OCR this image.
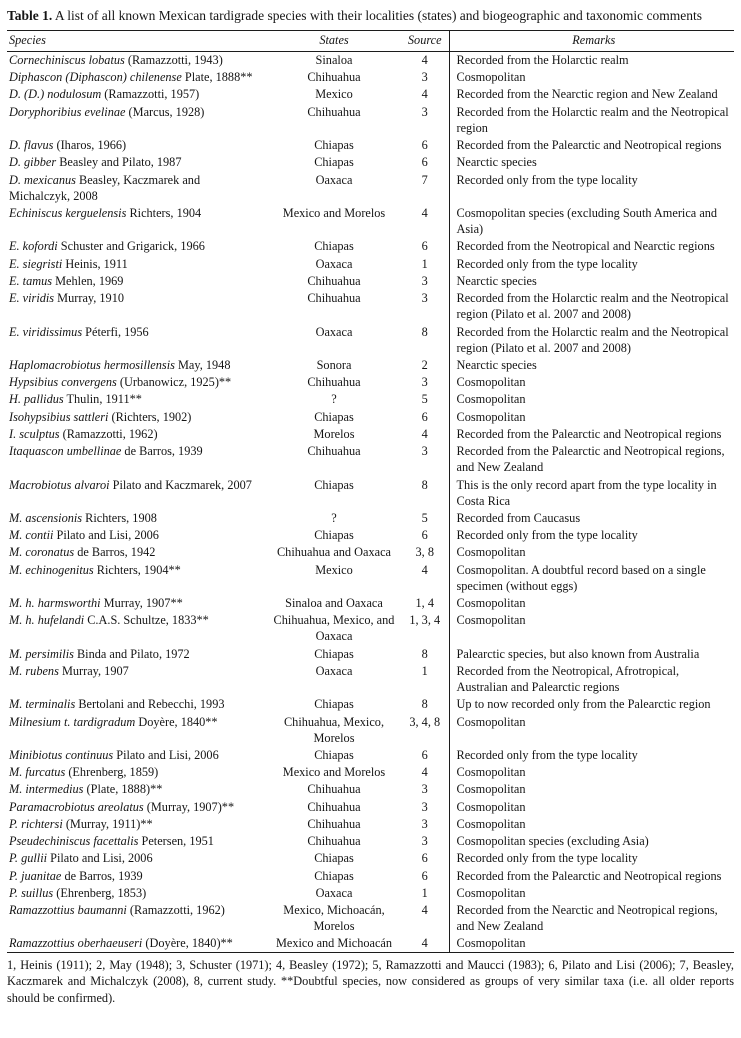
Table 1. A list of all known Mexican tardigrade species with their localities (states) and biogeographic and taxonomic comments
Species	States	Source	Remarks
Cornechiniscus lobatus (Ramazzotti, 1943)	Sinaloa	4	Recorded from the Holarctic realm
Diphascon (Diphascon) chilenense Plate, 1888**	Chihuahua	3	Cosmopolitan
D. (D.) nodulosum (Ramazzotti, 1957)	Mexico	4	Recorded from the Nearctic region and New Zealand
Doryphoribius evelinae (Marcus, 1928)	Chihuahua	3	Recorded from the Holarctic realm and the Neotropical region
D. flavus (Iharos, 1966)	Chiapas	6	Recorded from the Palearctic and Neotropical regions
D. gibber Beasley and Pilato, 1987	Chiapas	6	Nearctic species
D. mexicanus Beasley, Kaczmarek and Michalczyk, 2008	Oaxaca	7	Recorded only from the type locality
Echiniscus kerguelensis Richters, 1904	Mexico and Morelos	4	Cosmopolitan species (excluding South America and Asia)
E. kofordi Schuster and Grigarick, 1966	Chiapas	6	Recorded from the Neotropical and Nearctic regions
E. siegristi Heinis, 1911	Oaxaca	1	Recorded only from the type locality
E. tamus Mehlen, 1969	Chihuahua	3	Nearctic species
E. viridis Murray, 1910	Chihuahua	3	Recorded from the Holarctic realm and the Neotropical region (Pilato et al. 2007 and 2008)
E. viridissimus Péterfi, 1956	Oaxaca	8	Recorded from the Holarctic realm and the Neotropical region (Pilato et al. 2007 and 2008)
Haplomacrobiotus hermosillensis May, 1948	Sonora	2	Nearctic species
Hypsibius convergens (Urbanowicz, 1925)**	Chihuahua	3	Cosmopolitan
H. pallidus Thulin, 1911**	?	5	Cosmopolitan
Isohypsibius sattleri (Richters, 1902)	Chiapas	6	Cosmopolitan
I. sculptus (Ramazzotti, 1962)	Morelos	4	Recorded from the Palearctic and Neotropical regions
Itaquascon umbellinae de Barros, 1939	Chihuahua	3	Recorded from the Palearctic and Neotropical regions, and New Zealand
Macrobiotus alvaroi Pilato and Kaczmarek, 2007	Chiapas	8	This is the only record apart from the type locality in Costa Rica
M. ascensionis Richters, 1908	?	5	Recorded from Caucasus
M. contii Pilato and Lisi, 2006	Chiapas	6	Recorded only from the type locality
M. coronatus de Barros, 1942	Chihuahua and Oaxaca	3, 8	Cosmopolitan
M. echinogenitus Richters, 1904**	Mexico	4	Cosmopolitan. A doubtful record based on a single specimen (without eggs)
M. h. harmsworthi Murray, 1907**	Sinaloa and Oaxaca	1, 4	Cosmopolitan
M. h. hufelandi C.A.S. Schultze, 1833**	Chihuahua, Mexico, and Oaxaca	1, 3, 4	Cosmopolitan
M. persimilis Binda and Pilato, 1972	Chiapas	8	Palearctic species, but also known from Australia
M. rubens Murray, 1907	Oaxaca	1	Recorded from the Neotropical, Afrotropical, Australian and Palearctic regions
M. terminalis Bertolani and Rebecchi, 1993	Chiapas	8	Up to now recorded only from the Palearctic region
Milnesium t. tardigradum Doyère, 1840**	Chihuahua, Mexico, Morelos	3, 4, 8	Cosmopolitan
Minibiotus continuus Pilato and Lisi, 2006	Chiapas	6	Recorded only from the type locality
M. furcatus (Ehrenberg, 1859)	Mexico and Morelos	4	Cosmopolitan
M. intermedius (Plate, 1888)**	Chihuahua	3	Cosmopolitan
Paramacrobiotus areolatus (Murray, 1907)**	Chihuahua	3	Cosmopolitan
P. richtersi (Murray, 1911)**	Chihuahua	3	Cosmopolitan
Pseudechiniscus facettalis Petersen, 1951	Chihuahua	3	Cosmopolitan species (excluding Asia)
P. gullii Pilato and Lisi, 2006	Chiapas	6	Recorded only from the type locality
P. juanitae de Barros, 1939	Chiapas	6	Recorded from the Palearctic and Neotropical regions
P. suillus (Ehrenberg, 1853)	Oaxaca	1	Cosmopolitan
Ramazzottius baumanni (Ramazzotti, 1962)	Mexico, Michoacán, Morelos	4	Recorded from the Nearctic and Neotropical regions, and New Zealand
Ramazzottius oberhaeuseri (Doyère, 1840)**	Mexico and Michoacán	4	Cosmopolitan
1, Heinis (1911); 2, May (1948); 3, Schuster (1971); 4, Beasley (1972); 5, Ramazzotti and Maucci (1983); 6, Pilato and Lisi (2006); 7, Beasley, Kaczmarek and Michalczyk (2008), 8, current study. **Doubtful species, now considered as groups of very similar taxa (i.e. all older reports should be confirmed).
